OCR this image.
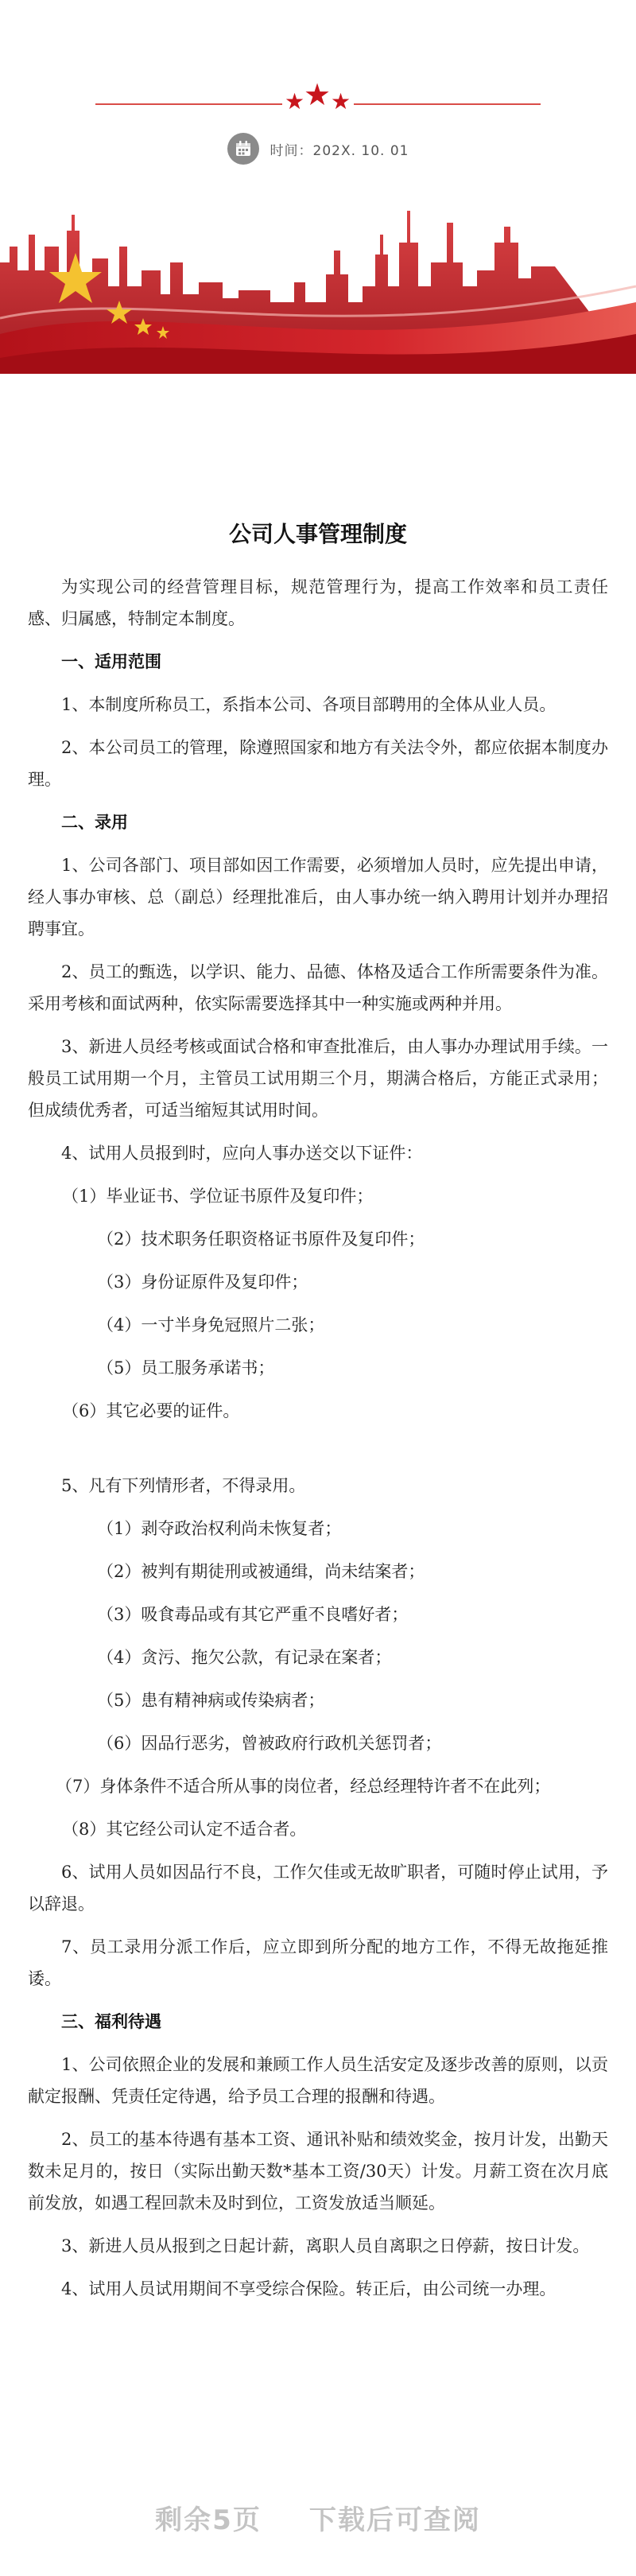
★
★ ★
时间：202X. 10. 01
公司人事管理制度
为实现公司的经营管理目标，规范管理行为，提高工作效率和员工责任感、归属感，特制定本制度。
一、适用范围
1、本制度所称员工，系指本公司、各项目部聘用的全体从业人员。
2、本公司员工的管理，除遵照国家和地方有关法令外，都应依据本制度办理。
二、录用
1、公司各部门、项目部如因工作需要，必须增加人员时，应先提出申请，经人事办审核、总（副总）经理批准后，由人事办统一纳入聘用计划并办理招聘事宜。
2、员工的甄选，以学识、能力、品德、体格及适合工作所需要条件为准。采用考核和面试两种，依实际需要选择其中一种实施或两种并用。
3、新进人员经考核或面试合格和审查批准后，由人事办办理试用手续。一般员工试用期一个月，主管员工试用期三个月，期满合格后，方能正式录用；但成绩优秀者，可适当缩短其试用时间。
4、试用人员报到时，应向人事办送交以下证件：
（1）毕业证书、学位证书原件及复印件；
（2）技术职务任职资格证书原件及复印件；
（3）身份证原件及复印件；
（4）一寸半身免冠照片二张；
（5）员工服务承诺书；
（6）其它必要的证件。
5、凡有下列情形者，不得录用。
（1）剥夺政治权利尚未恢复者；
（2）被判有期徒刑或被通缉，尚未结案者；
（3）吸食毒品或有其它严重不良嗜好者；
（4）贪污、拖欠公款，有记录在案者；
（5）患有精神病或传染病者；
（6）因品行恶劣，曾被政府行政机关惩罚者；
（7）身体条件不适合所从事的岗位者，经总经理特许者不在此列；
（8）其它经公司认定不适合者。
6、试用人员如因品行不良，工作欠佳或无故旷职者，可随时停止试用，予以辞退。
7、员工录用分派工作后，应立即到所分配的地方工作，不得无故拖延推诿。
三、福利待遇
1、公司依照企业的发展和兼顾工作人员生活安定及逐步改善的原则，以贡献定报酬、凭责任定待遇，给予员工合理的报酬和待遇。
2、员工的基本待遇有基本工资、通讯补贴和绩效奖金，按月计发，出勤天数未足月的，按日（实际出勤天数*基本工资/30天）计发。月薪工资在次月底前发放，如遇工程回款未及时到位，工资发放适当顺延。
3、新进人员从报到之日起计薪，离职人员自离职之日停薪，按日计发。
4、试用人员试用期间不享受综合保险。转正后，由公司统一办理。
剩余5页 下载后可查阅
